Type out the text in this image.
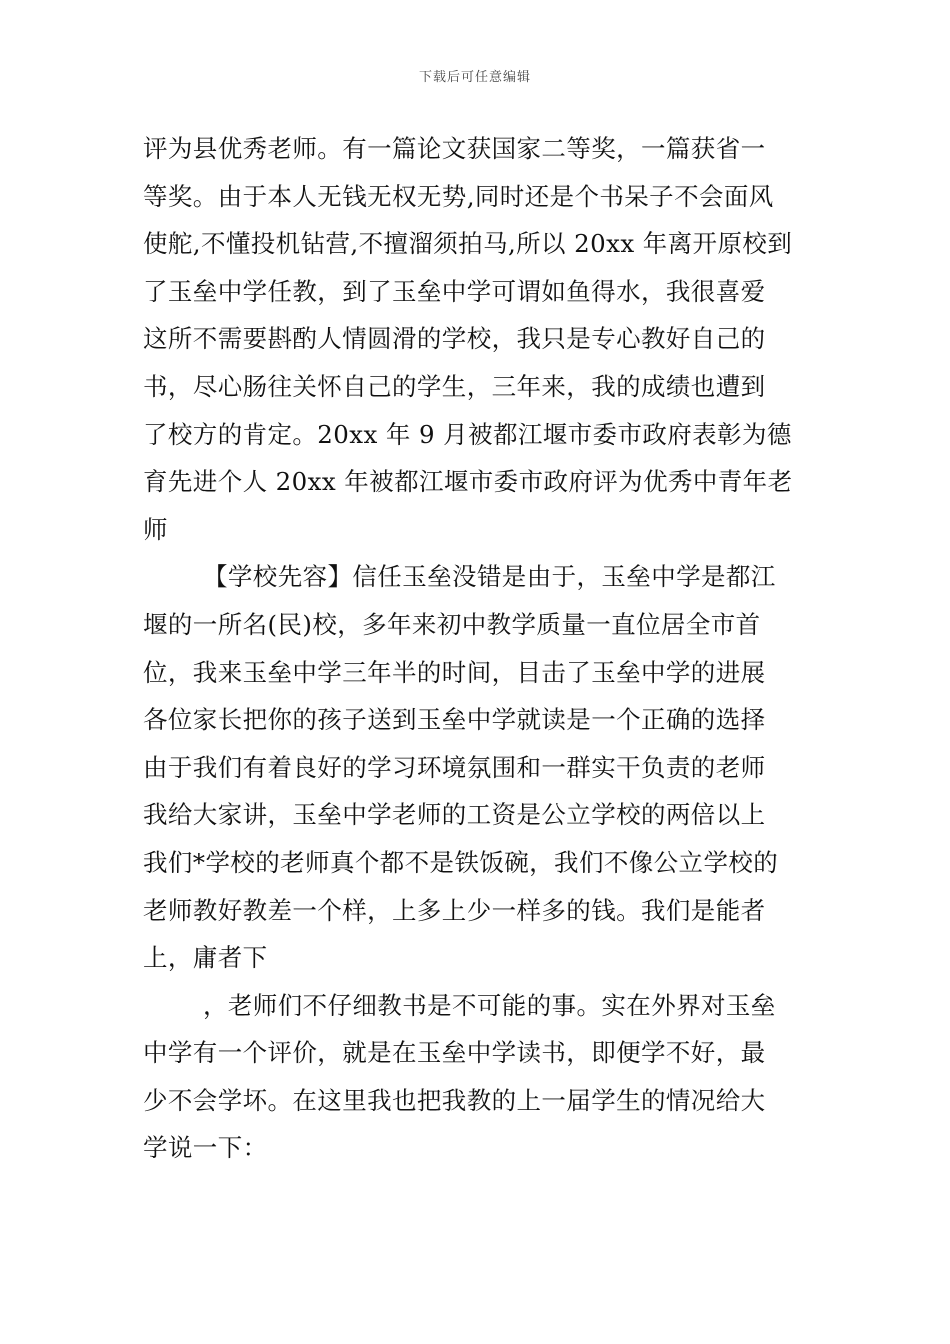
下载后可任意编辑
评为县优秀老师。有一篇论文获国家二等奖，一篇获省一
等奖。由于本人无钱无权无势,同时还是个书呆子不会面风
使舵,不懂投机钻营,不擅溜须拍马,所以 20xx 年离开原校到
了玉垒中学任教，到了玉垒中学可谓如鱼得水，我很喜爱
这所不需要斟酌人情圆滑的学校，我只是专心教好自己的
书，尽心肠往关怀自己的学生，三年来，我的成绩也遭到
了校方的肯定。20xx 年 9 月被都江堰市委市政府表彰为德
育先进个人 20xx 年被都江堰市委市政府评为优秀中青年老
师
【学校先容】信任玉垒没错是由于，玉垒中学是都江
堰的一所名(民)校，多年来初中教学质量一直位居全市首
位，我来玉垒中学三年半的时间，目击了玉垒中学的进展
各位家长把你的孩子送到玉垒中学就读是一个正确的选择
由于我们有着良好的学习环境氛围和一群实干负责的老师
我给大家讲，玉垒中学老师的工资是公立学校的两倍以上
我们*学校的老师真个都不是铁饭碗，我们不像公立学校的
老师教好教差一个样，上多上少一样多的钱。我们是能者
上，庸者下
，老师们不仔细教书是不可能的事。实在外界对玉垒
中学有一个评价，就是在玉垒中学读书，即便学不好，最
少不会学坏。在这里我也把我教的上一届学生的情况给大
学说一下：
